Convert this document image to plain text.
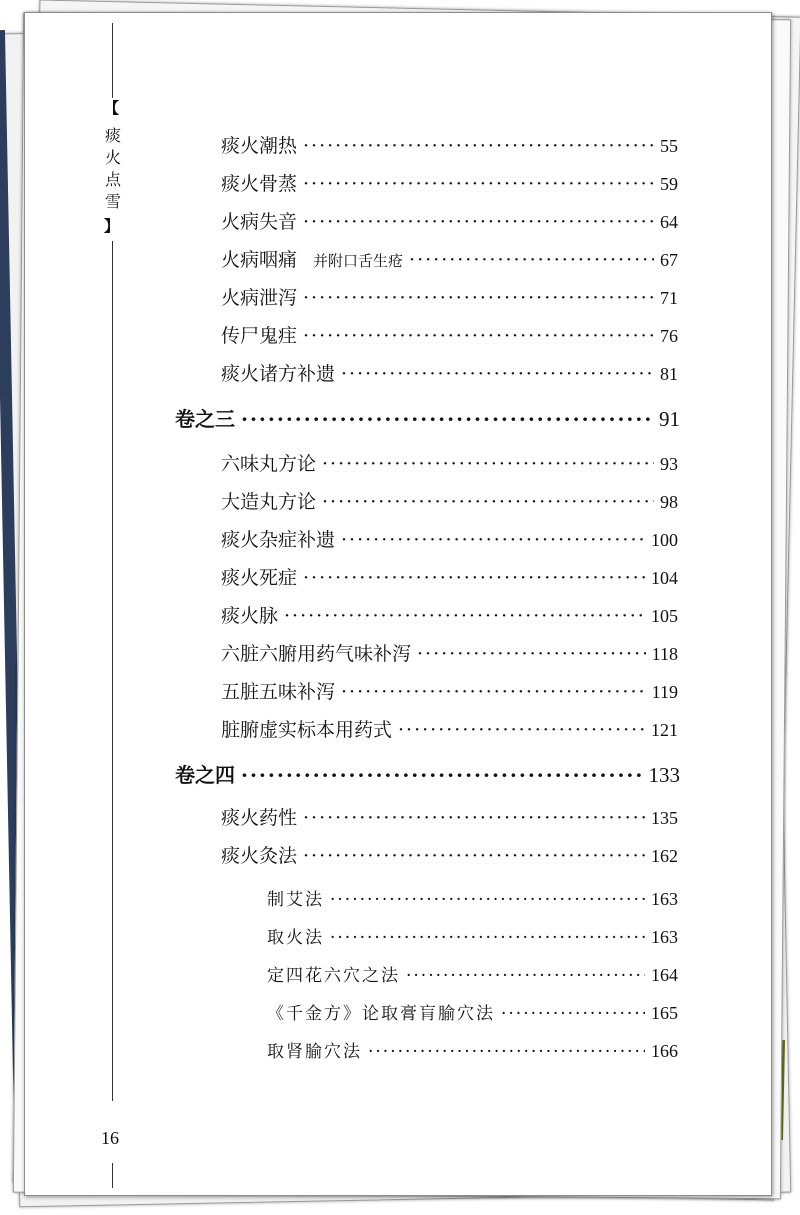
【
痰
火
点
雪
】
16
痰火潮热 ·····	55
痰火骨蒸 ·····	59
火病失音 ·····	64
火病咽痛 并附口舌生疮 ·····	67
火病泄泻 ·····	71
传尸鬼疰 ·····	76
痰火诸方补遗 ·····	81
卷之三 ·····	91
六味丸方论 ·····	93
大造丸方论 ·····	98
痰火杂症补遗 ·····	100
痰火死症 ·····	104
痰火脉 ·····	105
六脏六腑用药气味补泻 ·····	118
五脏五味补泻 ·····	119
脏腑虚实标本用药式 ·····	121
卷之四 ·····	133
痰火药性 ·····	135
痰火灸法 ·····	162
制艾法 ·····	163
取火法 ·····	163
定四花六穴之法 ·····	164
《千金方》论取膏肓腧穴法 ·····	165
取肾腧穴法 ·····	166
